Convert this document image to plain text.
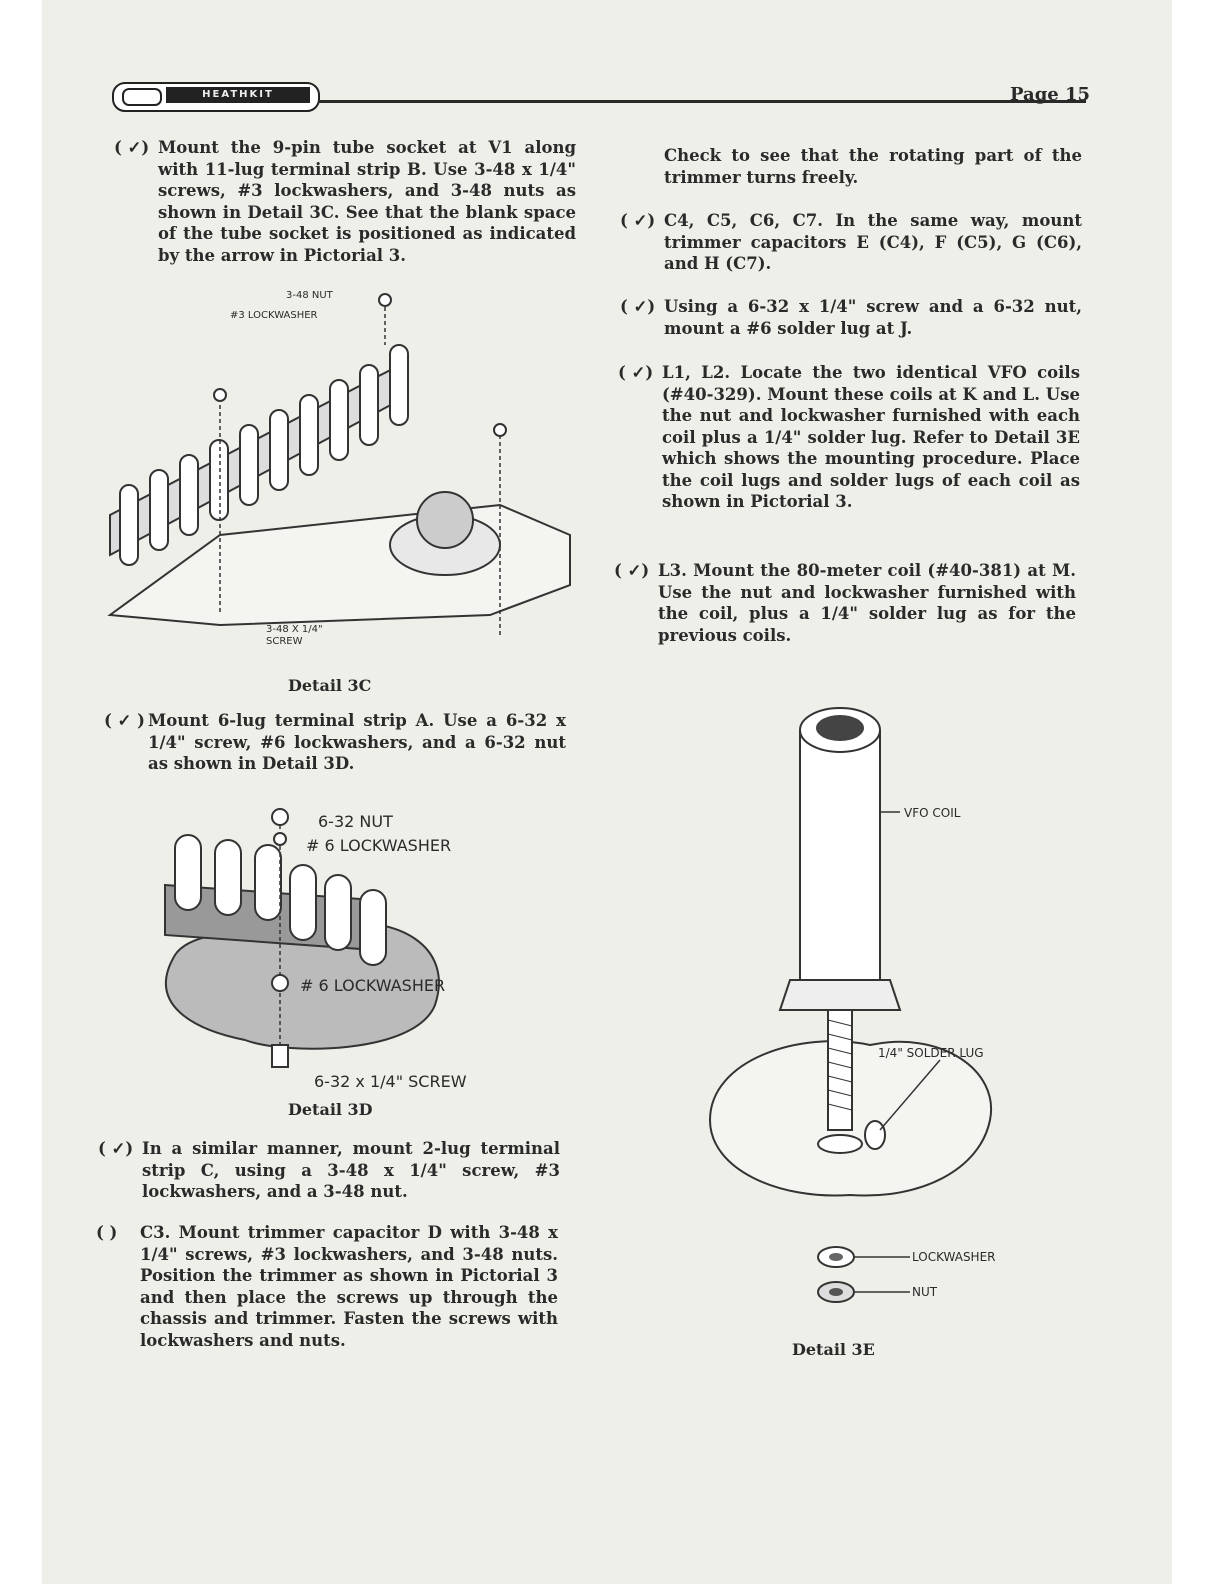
HEATHKIT	Page 15
( ✓) Mount the 9-pin tube socket at V1 along with 11-lug terminal strip B. Use 3-48 x 1/4" screws, #3 lockwashers, and 3-48 nuts as shown in Detail 3C. See that the blank space of the tube socket is positioned as indicated by the arrow in Pictorial 3.
3-48 NUT
#3 LOCKWASHER
3-48 X 1/4"
SCREW
Detail 3C
( ✓ ) Mount 6-lug terminal strip A. Use a 6-32 x 1/4" screw, #6 lockwashers, and a 6-32 nut as shown in Detail 3D.
6-32 NUT
# 6 LOCKWASHER
# 6 LOCKWASHER
6-32 x 1/4" SCREW
Detail 3D
( ✓) In a similar manner, mount 2-lug terminal strip C, using a 3-48 x 1/4" screw, #3 lockwashers, and a 3-48 nut.
( )	C3. Mount trimmer capacitor D with 3-48 x 1/4" screws, #3 lockwashers, and 3-48 nuts. Position the trimmer as shown in Pictorial 3 and then place the screws up through the chassis and trimmer. Fasten the screws with lockwashers and nuts.
Check to see that the rotating part of the trimmer turns freely.
( ✓) C4, C5, C6, C7. In the same way, mount trimmer capacitors E (C4), F (C5), G (C6), and H (C7).
( ✓) Using a 6-32 x 1/4" screw and a 6-32 nut, mount a #6 solder lug at J.
( ✓) L1, L2. Locate the two identical VFO coils (#40-329). Mount these coils at K and L. Use the nut and lockwasher furnished with each coil plus a 1/4" solder lug. Refer to Detail 3E which shows the mounting procedure. Place the coil lugs and solder lugs of each coil as shown in Pictorial 3.
( ✓) L3. Mount the 80-meter coil (#40-381) at M. Use the nut and lockwasher furnished with the coil, plus a 1/4" solder lug as for the previous coils.
VFO COIL
1/4" SOLDER LUG
LOCKWASHER
NUT
Detail 3E
